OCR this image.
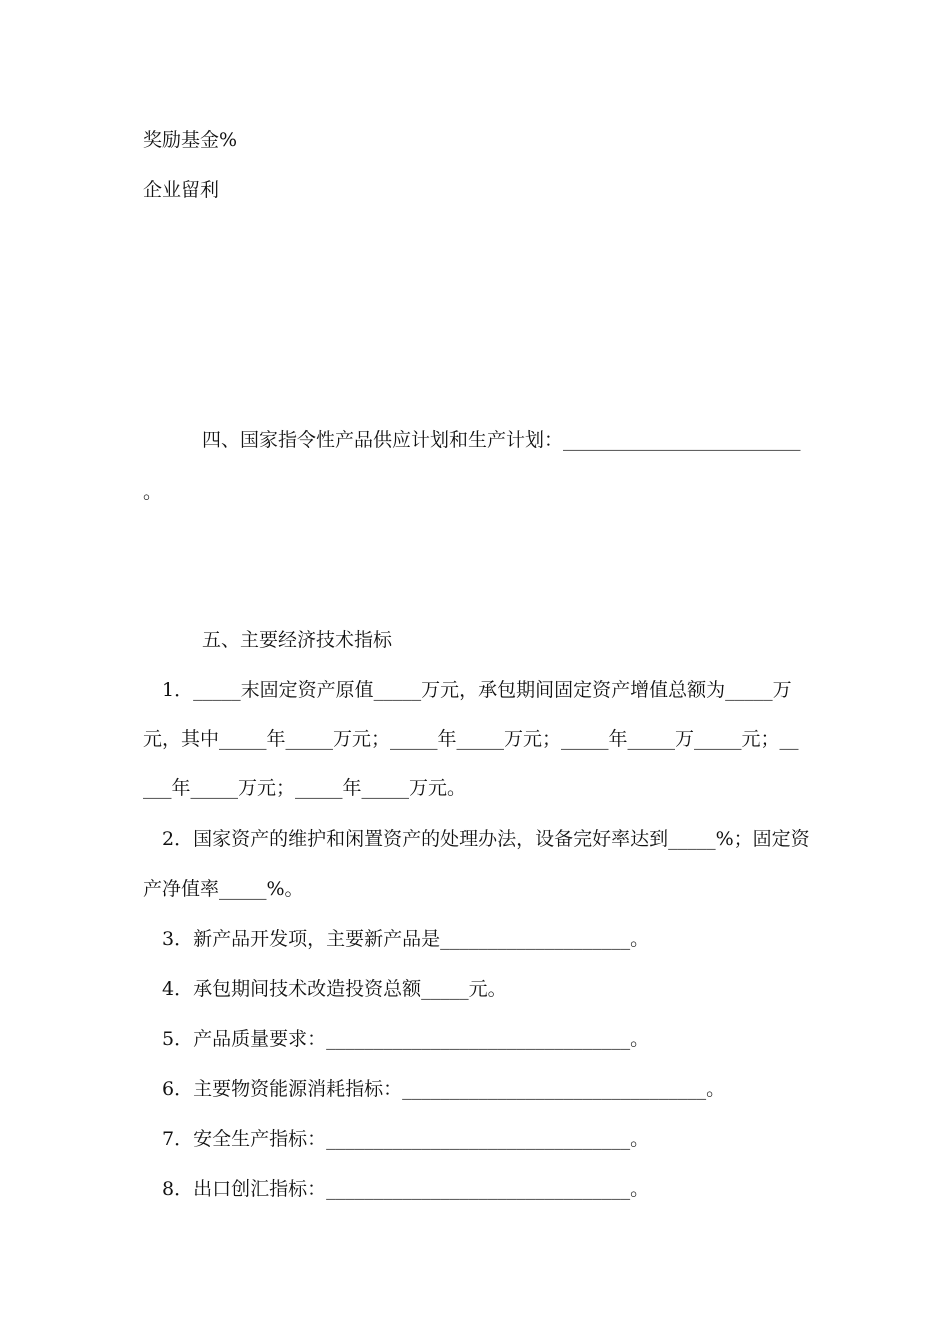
奖励基金%
企业留利
四、国家指令性产品供应计划和生产计划：_________________________
。
五、主要经济技术指标
1．_____末固定资产原值_____万元，承包期间固定资产增值总额为_____万
元，其中_____年_____万元；_____年_____万元；_____年_____万_____元；__
___年_____万元；_____年_____万元。
2．国家资产的维护和闲置资产的处理办法，设备完好率达到_____%；固定资
产净值率_____%。
3．新产品开发项，主要新产品是____________________。
4．承包期间技术改造投资总额_____元。
5．产品质量要求：________________________________。
6．主要物资能源消耗指标：________________________________。
7．安全生产指标：________________________________。
8．出口创汇指标：________________________________。
